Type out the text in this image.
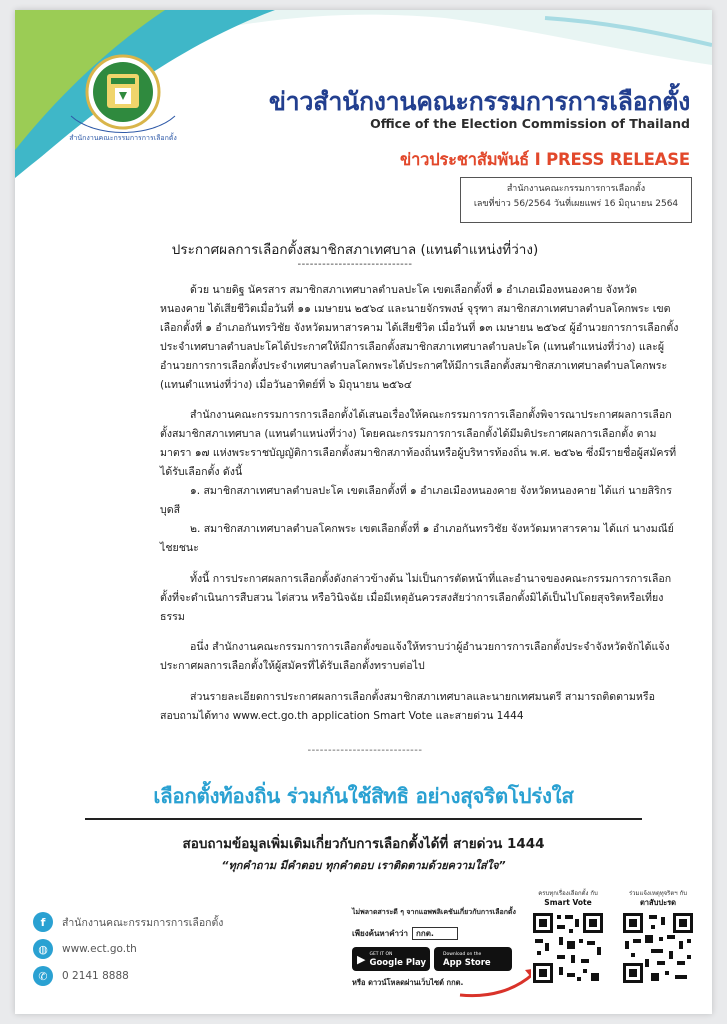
สำนักงานคณะกรรมการการเลือกตั้ง
ข่าวสำนักงานคณะกรรมการการเลือกตั้ง
Office of the Election Commission of Thailand
ข่าวประชาสัมพันธ์ I PRESS RELEASE
สำนักงานคณะกรรมการการเลือกตั้ง
เลขที่ข่าว 56/2564 วันที่เผยแพร่ 16 มิถุนายน 2564
ประกาศผลการเลือกตั้งสมาชิกสภาเทศบาล (แทนตำแหน่งที่ว่าง)
----------------------------

ด้วย นายดิฐ นัครสาร สมาชิกสภาเทศบาลตำบลปะโค เขตเลือกตั้งที่ ๑ อำเภอเมืองหนองคาย จังหวัดหนองคาย ได้เสียชีวิตเมื่อวันที่ ๑๑ เมษายน ๒๕๖๔ และนายจักรพงษ์ จุรุฑา สมาชิกสภาเทศบาลตำบลโคกพระ เขตเลือกตั้งที่ ๑ อำเภอกันทรวิชัย จังหวัดมหาสารคาม ได้เสียชีวิต เมื่อวันที่ ๑๓ เมษายน ๒๕๖๔ ผู้อำนวยการการเลือกตั้งประจำเทศบาลตำบลปะโคได้ประกาศให้มีการเลือกตั้งสมาชิกสภาเทศบาลตำบลปะโค (แทนตำแหน่งที่ว่าง) และผู้อำนวยการการเลือกตั้งประจำเทศบาลตำบลโคกพระได้ประกาศให้มีการเลือกตั้งสมาชิกสภาเทศบาลตำบลโคกพระ (แทนตำแหน่งที่ว่าง) เมื่อวันอาทิตย์ที่ ๖ มิถุนายน ๒๕๖๔

สำนักงานคณะกรรมการการเลือกตั้งได้เสนอเรื่องให้คณะกรรมการการเลือกตั้งพิจารณาประกาศผลการเลือกตั้งสมาชิกสภาเทศบาล (แทนตำแหน่งที่ว่าง) โดยคณะกรรมการการเลือกตั้งได้มีมติประกาศผลการเลือกตั้ง ตามมาตรา ๑๗ แห่งพระราชบัญญัติการเลือกตั้งสมาชิกสภาท้องถิ่นหรือผู้บริหารท้องถิ่น พ.ศ. ๒๕๖๒ ซึ่งมีรายชื่อผู้สมัครที่ได้รับเลือกตั้ง ดังนี้

๑. สมาชิกสภาเทศบาลตำบลปะโค เขตเลือกตั้งที่ ๑ อำเภอเมืองหนองคาย จังหวัดหนองคาย ได้แก่ นายสิริกร บุดสี

๒. สมาชิกสภาเทศบาลตำบลโคกพระ เขตเลือกตั้งที่ ๑ อำเภอกันทรวิชัย จังหวัดมหาสารคาม ได้แก่ นางมณีย์ ไชยชนะ

ทั้งนี้ การประกาศผลการเลือกตั้งดังกล่าวข้างต้น ไม่เป็นการตัดหน้าที่และอำนาจของคณะกรรมการการเลือกตั้งที่จะดำเนินการสืบสวน ไต่สวน หรือวินิจฉัย เมื่อมีเหตุอันควรสงสัยว่าการเลือกตั้งมิได้เป็นไปโดยสุจริตหรือเที่ยงธรรม

อนึ่ง สำนักงานคณะกรรมการการเลือกตั้งขอแจ้งให้ทราบว่าผู้อำนวยการการเลือกตั้งประจำจังหวัดจักได้แจ้งประกาศผลการเลือกตั้งให้ผู้สมัครที่ได้รับเลือกตั้งทราบต่อไป

ส่วนรายละเอียดการประกาศผลการเลือกตั้งสมาชิกสภาเทศบาลและนายกเทศมนตรี สามารถติดตามหรือสอบถามได้ทาง www.ect.go.th application Smart Vote และสายด่วน 1444

----------------------------
เลือกตั้งท้องถิ่น ร่วมกันใช้สิทธิ อย่างสุจริตโปร่งใส
สอบถามข้อมูลเพิ่มเติมเกี่ยวกับการเลือกตั้งได้ที่ สายด่วน 1444
“ทุกคำถาม มีคำตอบ ทุกคำตอบ เราติดตามด้วยความใส่ใจ”
f	สำนักงานคณะกรรมการการเลือกตั้ง
◍	www.ect.go.th
✆	0 2141 8888
ไม่พลาดสาระดี ๆ จากแอพพลิเคชันเกี่ยวกับการเลือกตั้ง
เพียงค้นหาคำว่า	กกต.
▶ GET IT ON
Google Play
Download on the
App Store
หรือ ดาวน์โหลดผ่านเว็บไซต์ กกต.
ครบทุกเรื่องเลือกตั้ง กับ
Smart Vote
ร่วมแจ้งเหตุทุจริตฯ กับ
ตาสับปะรด
